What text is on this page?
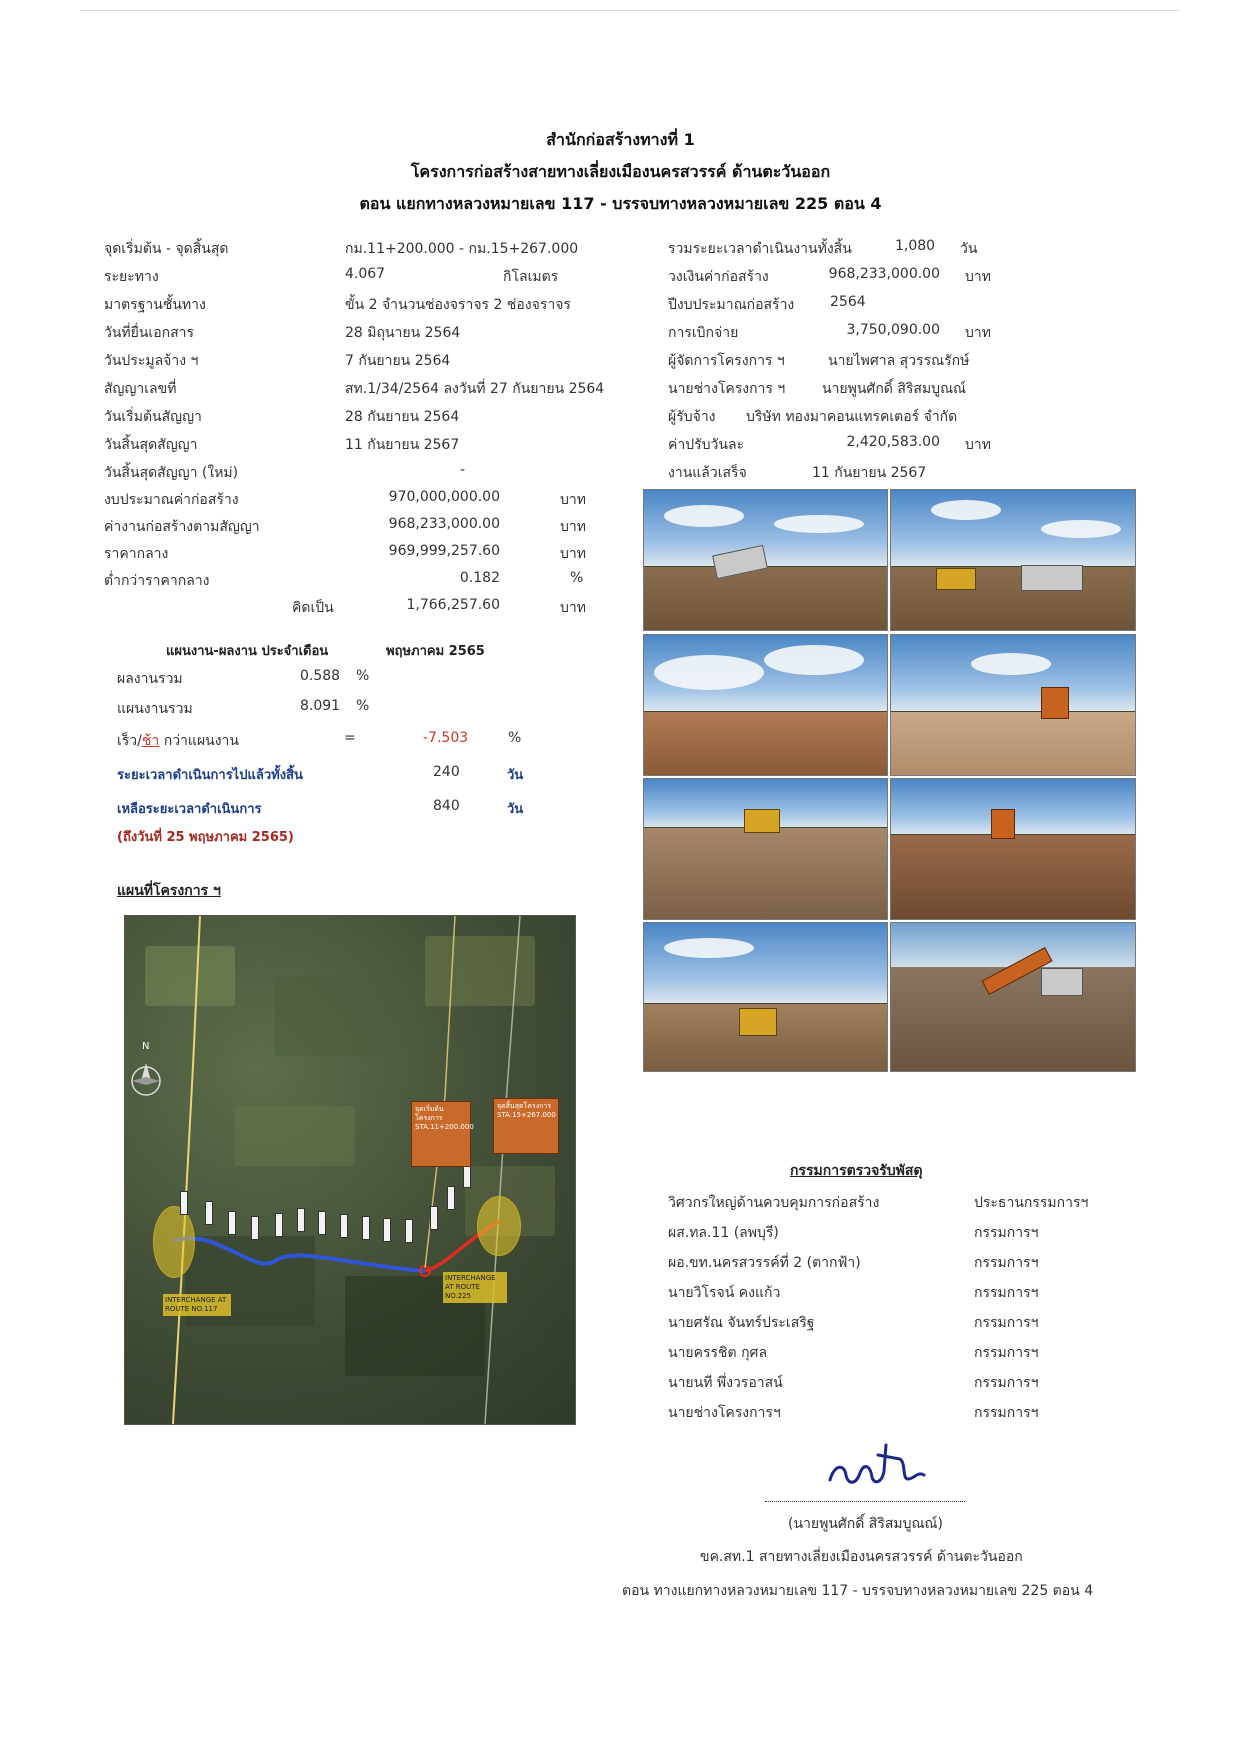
สำนักก่อสร้างทางที่ 1
โครงการก่อสร้างสายทางเลี่ยงเมืองนครสวรรค์ ด้านตะวันออก
ตอน แยกทางหลวงหมายเลข 117 - บรรจบทางหลวงหมายเลข 225 ตอน 4
จุดเริ่มต้น - จุดสิ้นสุด	กม.11+200.000 - กม.15+267.000
ระยะทาง	4.067	กิโลเมตร
มาตรฐานชั้นทาง	ขั้น 2 จำนวนช่องจราจร 2 ช่องจราจร
วันที่ยื่นเอกสาร	28 มิถุนายน 2564
วันประมูลจ้าง ฯ	7 กันยายน 2564
สัญญาเลขที่	สท.1/34/2564 ลงวันที่ 27 กันยายน 2564
วันเริ่มต้นสัญญา	28 กันยายน 2564
วันสิ้นสุดสัญญา	11 กันยายน 2567
วันสิ้นสุดสัญญา (ใหม่)	-
งบประมาณค่าก่อสร้าง	970,000,000.00	บาท
ค่างานก่อสร้างตามสัญญา	968,233,000.00	บาท
ราคากลาง	969,999,257.60	บาท
ต่ำกว่าราคากลาง	0.182	%
คิดเป็น	1,766,257.60	บาท
รวมระยะเวลาดำเนินงานทั้งสิ้น	1,080 วัน
วงเงินค่าก่อสร้าง	968,233,000.00 บาท
ปีงบประมาณก่อสร้าง	2564
การเบิกจ่าย	3,750,090.00 บาท
ผู้จัดการโครงการ ฯ	นายไพศาล สุวรรณรักษ์
นายช่างโครงการ ฯ	นายพูนศักดิ์ สิริสมบูณณ์
ผู้รับจ้าง บริษัท ทองมาคอนแทรคเตอร์ จำกัด
ค่าปรับวันละ	2,420,583.00 บาท
งานแล้วเสร็จ	11 กันยายน 2567
แผนงาน-ผลงาน ประจำเดือน	พฤษภาคม 2565
ผลงานรวม	0.588 %
แผนงานรวม	8.091 %
เร็ว/ช้า กว่าแผนงาน	=	-7.503	%
ระยะเวลาดำเนินการไปแล้วทั้งสิ้น	240	วัน
เหลือระยะเวลาดำเนินการ	840	วัน
(ถึงวันที่ 25 พฤษภาคม 2565)
แผนที่โครงการ ฯ
จุดเริ่มต้นโครงการ STA.11+200.000
จุดสิ้นสุดโครงการ STA.15+267.000
INTERCHANGE AT ROUTE NO.117
INTERCHANGE AT ROUTE NO.225
N
กรรมการตรวจรับพัสดุ
วิศวกรใหญ่ด้านควบคุมการก่อสร้าง	ประธานกรรมการฯ
ผส.ทล.11 (ลพบุรี)	กรรมการฯ
ผอ.ขท.นครสวรรค์ที่ 2 (ตากฟ้า)	กรรมการฯ
นายวิโรจน์ คงแก้ว	กรรมการฯ
นายศรัณ จันทร์ประเสริฐ	กรรมการฯ
นายครรชิต กุศล	กรรมการฯ
นายนที พึ่งวรอาสน์	กรรมการฯ
นายช่างโครงการฯ	กรรมการฯ
(นายพูนศักดิ์ สิริสมบูณณ์)
ขค.สท.1 สายทางเลี่ยงเมืองนครสวรรค์ ด้านตะวันออก
ตอน ทางแยกทางหลวงหมายเลข 117 - บรรจบทางหลวงหมายเลข 225 ตอน 4
